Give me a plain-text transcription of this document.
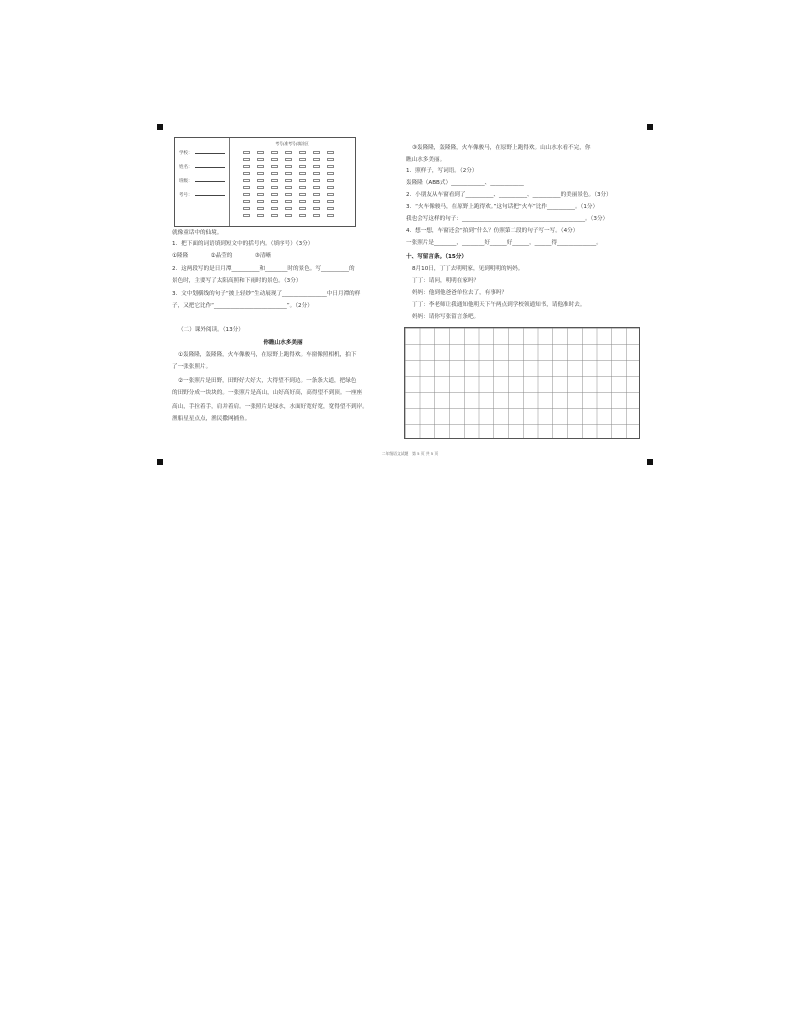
学校：
姓名：
班级：
考号：
考号(准考号)填涂区
就像童话中的仙境。
1．把下面的词语填到短文中的括号内。（填序号）（3分）
①隆隆　　　　②晶莹的　　　　③清晰
2．这两段写的是日月潭__________和________时的景色。写__________的
景色时，主要写了太阳高照和下雨时的景色。（3分）
3．文中划横线的句子“披上轻纱”生动展现了________________中日月潭的样
子，又把它比作“__________________________”。（2分）
（二）课外阅读。（13分）
你瞧山水多美丽
①轰隆隆，轰隆隆，火车像骏马，在原野上跑得欢。车窗像照相机，拍下
了一张张照片。
②一张照片是田野，田野好大好大，大得望不到边。一条条大道，把绿色
的田野分成一块块的。一张照片是高山，山好高好高，高得望不到顶。一座座
高山，手拉着手，肩并着肩。一张照片是绿水，水面好宽好宽，宽得望不到岸。
渔船星星点点，渔民撒网捕鱼。
③轰隆隆，轰隆隆，火车像骏马，在原野上跑得欢。山山水水看不完，你
瞧山水多美丽。
1．照样子，写词语。（2分）
轰隆隆（ABB式）____________、____________
2．小朋友从车窗看到了__________、__________、__________的美丽景色。（3分）
3．“火车像骏马，在原野上跑得欢。”这句话把“火车”比作__________。（1分）
我也会写这样的句子：____________________________________________。（3分）
4．想一想，车窗还会“拍到”什么？仿照第二段的句子写一写。（4分）
一张照片是________，________好______好______，______得______________。
十、写留言条。（15分）
8月10日，丁丁去明明家，见到明明的妈妈。
丁丁：请问，明明在家吗？
妈妈：他到他爸爸单位去了，有事吗？
丁丁：李老师让我通知他明天下午两点到学校领通知书，请他准时去。
妈妈：请你写张留言条吧。
二年级语文试题　第 5 页 共 5 页
